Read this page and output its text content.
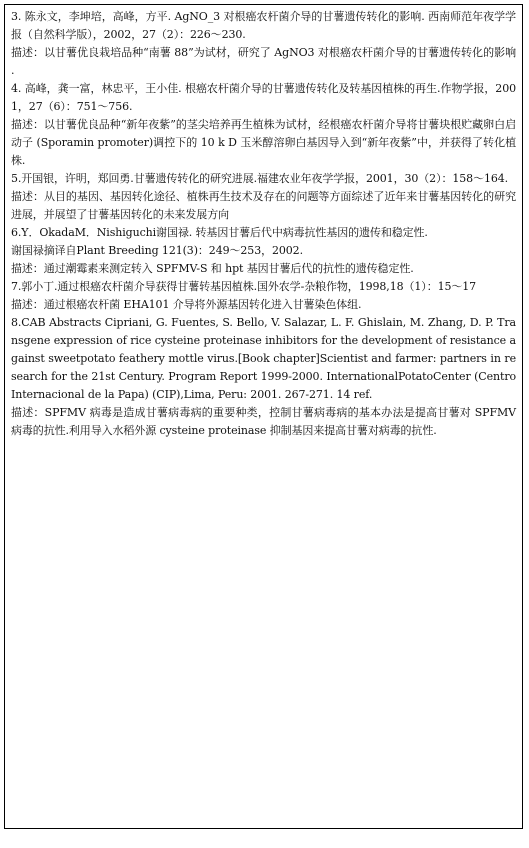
3. 陈永文，李坤培，高峰，方平. AgNO_3 对根癌农杆菌介导的甘薯遗传转化的影响. 西南师范年夜学学报（自然科学版），2002，27（2）：226～230.

描述：以甘薯优良栽培品种“南薯 88”为试材，研究了 AgNO3 对根癌农杆菌介导的甘薯遗传转化的影响 .

4. 高峰，龚一富，林忠平，王小佳. 根癌农杆菌介导的甘薯遗传转化及转基因植株的再生.作物学报，2001，27（6）：751～756.

描述：以甘薯优良品种“新年夜紫”的茎尖培养再生植株为试材，经根癌农杆菌介导将甘薯块根贮藏卵白启动子 (Sporamin promoter)调控下的 10 k D 玉米醇溶卵白基因导入到“新年夜紫”中，并获得了转化植株.

5.开国银，许明，郑回勇.甘薯遗传转化的研究进展.福建农业年夜学学报，2001，30（2）：158～164.

描述：从目的基因、基因转化途径、植株再生技术及存在的问题等方面综述了近年来甘薯基因转化的研究进展，并展望了甘薯基因转化的未来发展方向

6.Y．OkadaM．Nishiguchi谢国禄. 转基因甘薯后代中病毒抗性基因的遗传和稳定性.

谢国禄摘译自Plant Breeding 121(3)：249～253，2002.

描述：通过潮霉素来测定转入 SPFMV-S 和 hpt 基因甘薯后代的抗性的遗传稳定性.

7.郭小丁.通过根癌农杆菌介导获得甘薯转基因植株.国外农学-杂粮作物，1998,18（1）：15～17

描述：通过根癌农杆菌 EHA101 介导将外源基因转化进入甘薯染色体组.

8.CAB Abstracts Cipriani, G. Fuentes, S. Bello, V. Salazar, L. F. Ghislain, M. Zhang, D. P. Transgene expression of rice cysteine proteinase inhibitors for the development of resistance against sweetpotato feathery mottle virus.[Book chapter]Scientist and farmer: partners in research for the 21st Century. Program Report 1999-2000. InternationalPotatoCenter (Centro Internacional de la Papa) (CIP),Lima, Peru: 2001. 267-271. 14 ref.

描述：SPFMV 病毒是造成甘薯病毒病的重要种类，控制甘薯病毒病的基本办法是提高甘薯对 SPFMV 病毒的抗性.利用导入水稻外源 cysteine proteinase 抑制基因来提高甘薯对病毒的抗性.
